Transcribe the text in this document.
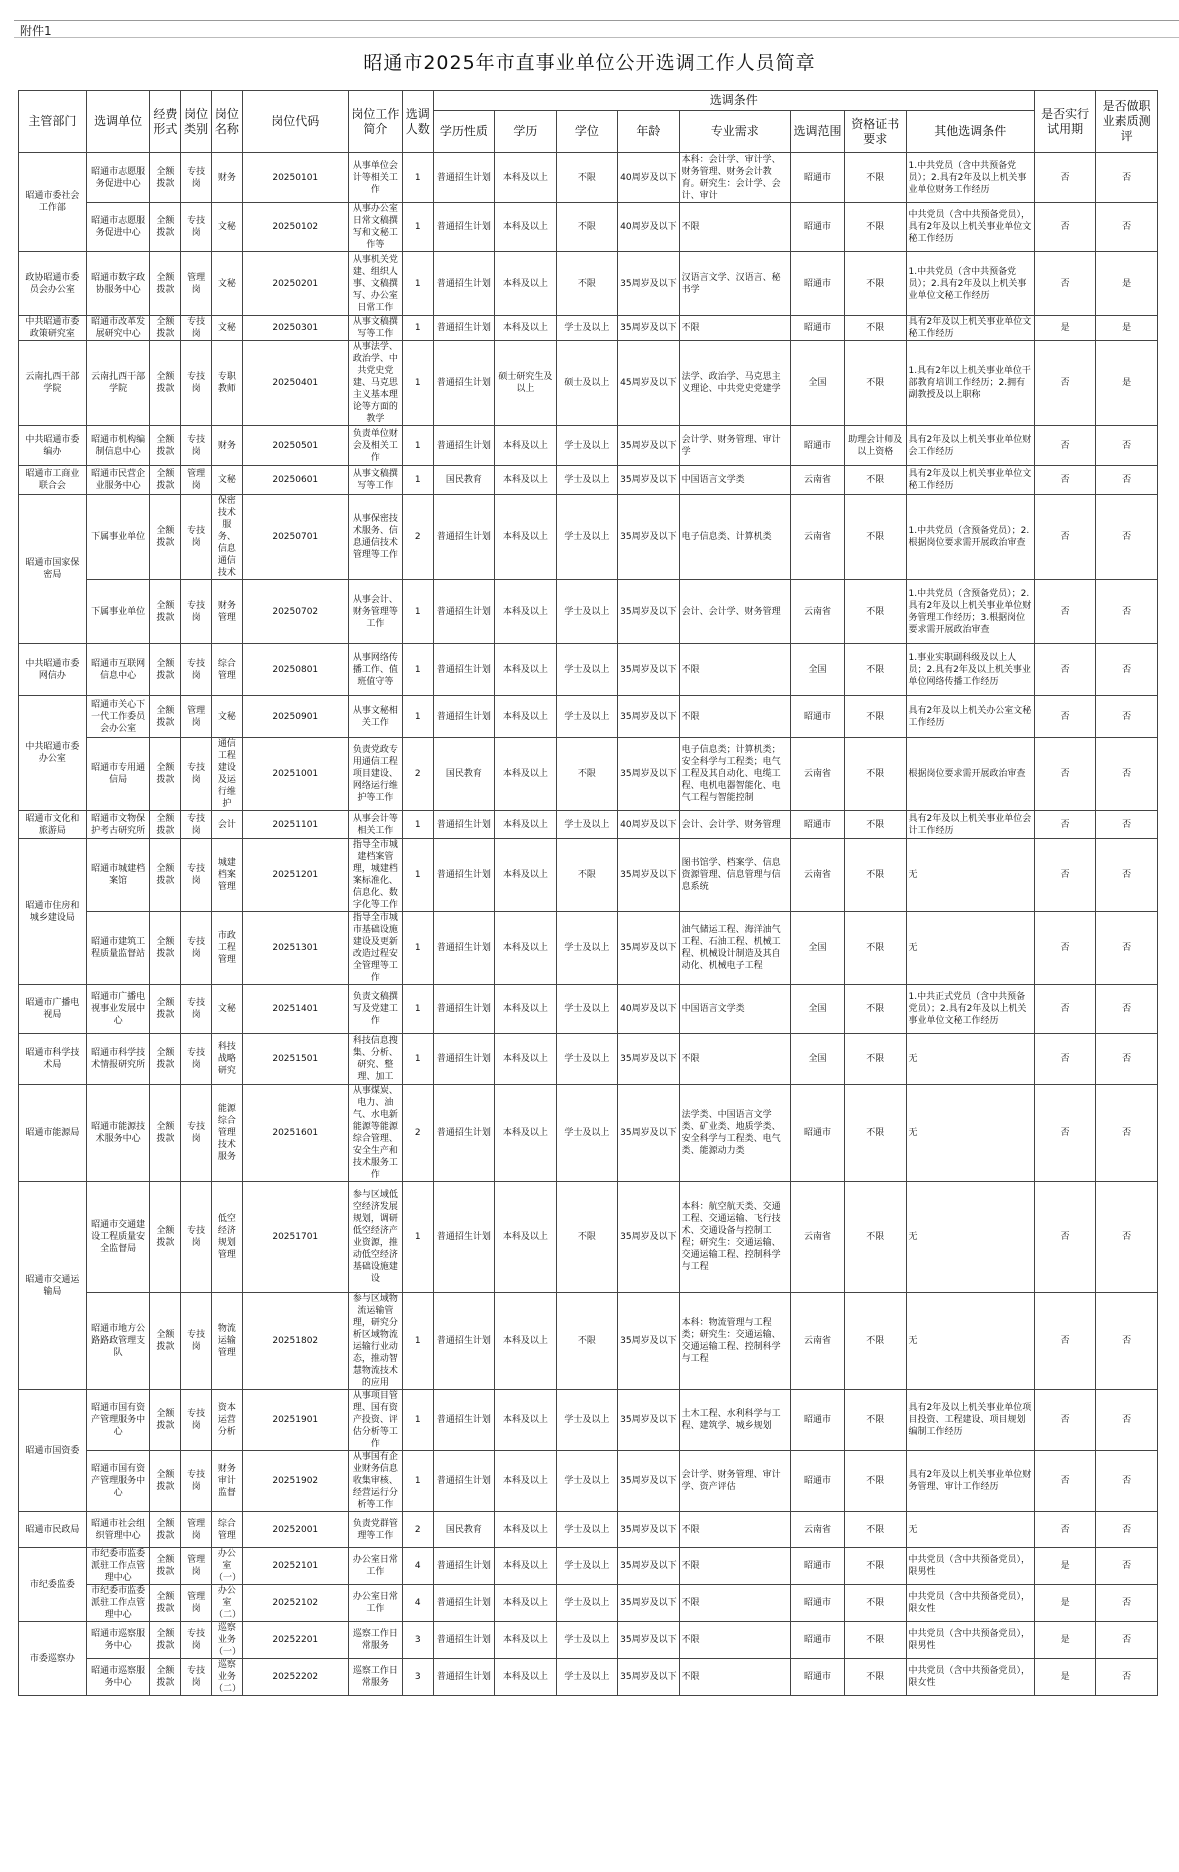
附件1
昭通市2025年市直事业单位公开选调工作人员简章
主管部门	选调单位	经费形式	岗位类别	岗位名称	岗位代码	岗位工作简介	选调人数	选调条件								是否实行试用期	是否做职业素质测评
								学历性质	学历	学位	年龄	专业需求	选调范围	资格证书要求	其他选调条件		
昭通市委社会工作部	昭通市志愿服务促进中心	全额拨款	专技岗	财务	20250101	从事单位会计等相关工作	1	普通招生计划	本科及以上	不限	40周岁及以下	本科：会计学、审计学、财务管理、财务会计教育。研究生：会计学、会计、审计	昭通市	不限	1.中共党员（含中共预备党员）；2.具有2年及以上机关事业单位财务工作经历	否	否
	昭通市志愿服务促进中心	全额拨款	专技岗	文秘	20250102	从事办公室日常文稿撰写和文秘工作等	1	普通招生计划	本科及以上	不限	40周岁及以下	不限	昭通市	不限	中共党员（含中共预备党员），具有2年及以上机关事业单位文秘工作经历	否	否
政协昭通市委员会办公室	昭通市数字政协服务中心	全额拨款	管理岗	文秘	20250201	从事机关党建、组织人事、文稿撰写、办公室日常工作	1	普通招生计划	本科及以上	不限	35周岁及以下	汉语言文学、汉语言、秘书学	昭通市	不限	1.中共党员（含中共预备党员）；2.具有2年及以上机关事业单位文秘工作经历	否	是
中共昭通市委政策研究室	昭通市改革发展研究中心	全额拨款	专技岗	文秘	20250301	从事文稿撰写等工作	1	普通招生计划	本科及以上	学士及以上	35周岁及以下	不限	昭通市	不限	具有2年及以上机关事业单位文秘工作经历	是	是
云南扎西干部学院	云南扎西干部学院	全额拨款	专技岗	专职教师	20250401	从事法学、政治学、中共党史党建、马克思主义基本理论等方面的教学	1	普通招生计划	硕士研究生及以上	硕士及以上	45周岁及以下	法学、政治学、马克思主义理论、中共党史党建学	全国	不限	1.具有2年以上机关事业单位干部教育培训工作经历；2.拥有副教授及以上职称	否	是
中共昭通市委编办	昭通市机构编制信息中心	全额拨款	专技岗	财务	20250501	负责单位财会及相关工作	1	普通招生计划	本科及以上	学士及以上	35周岁及以下	会计学、财务管理、审计学	昭通市	助理会计师及以上资格	具有2年及以上机关事业单位财会工作经历	否	否
昭通市工商业联合会	昭通市民营企业服务中心	全额拨款	管理岗	文秘	20250601	从事文稿撰写等工作	1	国民教育	本科及以上	学士及以上	35周岁及以下	中国语言文学类	云南省	不限	具有2年及以上机关事业单位文秘工作经历	否	否
昭通市国家保密局	下属事业单位	全额拨款	专技岗	保密技术服务、信息通信技术	20250701	从事保密技术服务、信息通信技术管理等工作	2	普通招生计划	本科及以上	学士及以上	35周岁及以下	电子信息类、计算机类	云南省	不限	1.中共党员（含预备党员）；2.根据岗位要求需开展政治审查	否	否
	下属事业单位	全额拨款	专技岗	财务管理	20250702	从事会计、财务管理等工作	1	普通招生计划	本科及以上	学士及以上	35周岁及以下	会计、会计学、财务管理	云南省	不限	1.中共党员（含预备党员）；2.具有2年及以上机关事业单位财务管理工作经历；3.根据岗位要求需开展政治审查	否	否
中共昭通市委网信办	昭通市互联网信息中心	全额拨款	专技岗	综合管理	20250801	从事网络传播工作、值班值守等	1	普通招生计划	本科及以上	学士及以上	35周岁及以下	不限	全国	不限	1.事业实职副科级及以上人员；2.具有2年及以上机关事业单位网络传播工作经历	否	否
中共昭通市委办公室	昭通市关心下一代工作委员会办公室	全额拨款	管理岗	文秘	20250901	从事文秘相关工作	1	普通招生计划	本科及以上	学士及以上	35周岁及以下	不限	昭通市	不限	具有2年及以上机关办公室文秘工作经历	否	否
	昭通市专用通信局	全额拨款	专技岗	通信工程建设及运行维护	20251001	负责党政专用通信工程项目建设、网络运行维护等工作	2	国民教育	本科及以上	不限	35周岁及以下	电子信息类；计算机类；安全科学与工程类；电气工程及其自动化、电缆工程、电机电器智能化、电气工程与智能控制	云南省	不限	根据岗位要求需开展政治审查	否	否
昭通市文化和旅游局	昭通市文物保护考古研究所	全额拨款	专技岗	会计	20251101	从事会计等相关工作	1	普通招生计划	本科及以上	学士及以上	40周岁及以下	会计、会计学、财务管理	昭通市	不限	具有2年及以上机关事业单位会计工作经历	否	否
昭通市住房和城乡建设局	昭通市城建档案馆	全额拨款	专技岗	城建档案管理	20251201	指导全市城建档案管理，城建档案标准化、信息化、数字化等工作	1	普通招生计划	本科及以上	不限	35周岁及以下	图书馆学、档案学、信息资源管理、信息管理与信息系统	云南省	不限	无	否	否
	昭通市建筑工程质量监督站	全额拨款	专技岗	市政工程管理	20251301	指导全市城市基础设施建设及更新改造过程安全管理等工作	1	普通招生计划	本科及以上	学士及以上	35周岁及以下	油气储运工程、海洋油气工程、石油工程、机械工程、机械设计制造及其自动化、机械电子工程	全国	不限	无	否	否
昭通市广播电视局	昭通市广播电视事业发展中心	全额拨款	专技岗	文秘	20251401	负责文稿撰写及党建工作	1	普通招生计划	本科及以上	学士及以上	40周岁及以下	中国语言文学类	全国	不限	1.中共正式党员（含中共预备党员）；2.具有2年及以上机关事业单位文秘工作经历	否	否
昭通市科学技术局	昭通市科学技术情报研究所	全额拨款	专技岗	科技战略研究	20251501	科技信息搜集、分析、研究、整理、加工	1	普通招生计划	本科及以上	学士及以上	35周岁及以下	不限	全国	不限	无	否	否
昭通市能源局	昭通市能源技术服务中心	全额拨款	专技岗	能源综合管理技术服务	20251601	从事煤炭、电力、油气、水电新能源等能源综合管理、安全生产和技术服务工作	2	普通招生计划	本科及以上	学士及以上	35周岁及以下	法学类、中国语言文学类、矿业类、地质学类、安全科学与工程类、电气类、能源动力类	昭通市	不限	无	否	否
昭通市交通运输局	昭通市交通建设工程质量安全监督局	全额拨款	专技岗	低空经济规划管理	20251701	参与区域低空经济发展规划，调研低空经济产业资源，推动低空经济基础设施建设	1	普通招生计划	本科及以上	不限	35周岁及以下	本科：航空航天类、交通工程、交通运输、飞行技术、交通设备与控制工程；研究生：交通运输、交通运输工程、控制科学与工程	云南省	不限	无	否	否
	昭通市地方公路路政管理支队	全额拨款	专技岗	物流运输管理	20251802	参与区域物流运输管理，研究分析区域物流运输行业动态，推动智慧物流技术的应用	1	普通招生计划	本科及以上	不限	35周岁及以下	本科：物流管理与工程类；研究生：交通运输、交通运输工程、控制科学与工程	云南省	不限	无	否	否
昭通市国资委	昭通市国有资产管理服务中心	全额拨款	专技岗	资本运营分析	20251901	从事项目管理、国有资产投资、评估分析等工作	1	普通招生计划	本科及以上	学士及以上	35周岁及以下	土木工程、水利科学与工程、建筑学、城乡规划	昭通市	不限	具有2年及以上机关事业单位项目投资、工程建设、项目规划编制工作经历	否	否
	昭通市国有资产管理服务中心	全额拨款	专技岗	财务审计监督	20251902	从事国有企业财务信息收集审核、经营运行分析等工作	1	普通招生计划	本科及以上	学士及以上	35周岁及以下	会计学、财务管理、审计学、资产评估	昭通市	不限	具有2年及以上机关事业单位财务管理、审计工作经历	否	否
昭通市民政局	昭通市社会组织管理中心	全额拨款	管理岗	综合管理	20252001	负责党群管理等工作	2	国民教育	本科及以上	学士及以上	35周岁及以下	不限	云南省	不限	无	否	否
市纪委监委	市纪委市监委派驻工作点管理中心	全额拨款	管理岗	办公室（一）	20252101	办公室日常工作	4	普通招生计划	本科及以上	学士及以上	35周岁及以下	不限	昭通市	不限	中共党员（含中共预备党员），限男性	是	否
	市纪委市监委派驻工作点管理中心	全额拨款	管理岗	办公室（二）	20252102	办公室日常工作	4	普通招生计划	本科及以上	学士及以上	35周岁及以下	不限	昭通市	不限	中共党员（含中共预备党员），限女性	是	否
市委巡察办	昭通市巡察服务中心	全额拨款	专技岗	巡察业务（一）	20252201	巡察工作日常服务	3	普通招生计划	本科及以上	学士及以上	35周岁及以下	不限	昭通市	不限	中共党员（含中共预备党员），限男性	是	否
	昭通市巡察服务中心	全额拨款	专技岗	巡察业务（二）	20252202	巡察工作日常服务	3	普通招生计划	本科及以上	学士及以上	35周岁及以下	不限	昭通市	不限	中共党员（含中共预备党员），限女性	是	否
